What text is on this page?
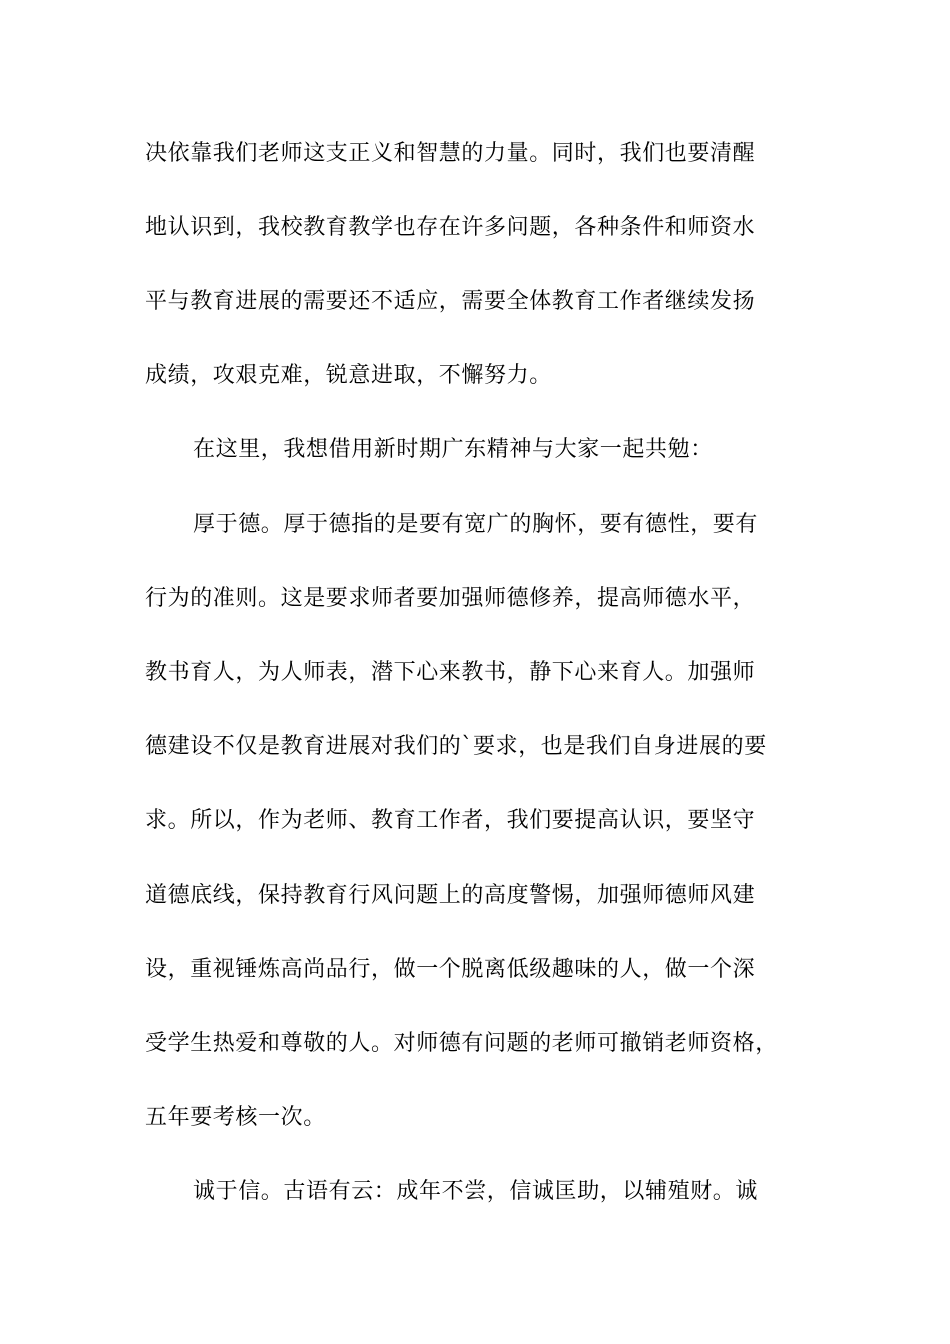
决依靠我们老师这支正义和智慧的力量。同时，我们也要清醒
地认识到，我校教育教学也存在许多问题，各种条件和师资水
平与教育进展的需要还不适应，需要全体教育工作者继续发扬
成绩，攻艰克难，锐意进取，不懈努力。
在这里，我想借用新时期广东精神与大家一起共勉：
厚于德。厚于德指的是要有宽广的胸怀，要有德性，要有
行为的准则。这是要求师者要加强师德修养，提高师德水平，
教书育人，为人师表，潜下心来教书，静下心来育人。加强师
德建设不仅是教育进展对我们的`要求，也是我们自身进展的要
求。所以，作为老师、教育工作者，我们要提高认识，要坚守
道德底线，保持教育行风问题上的高度警惕，加强师德师风建
设，重视锤炼高尚品行，做一个脱离低级趣味的人，做一个深
受学生热爱和尊敬的人。对师德有问题的老师可撤销老师资格，
五年要考核一次。
诚于信。古语有云：成年不尝，信诚匡助，以辅殖财。诚
